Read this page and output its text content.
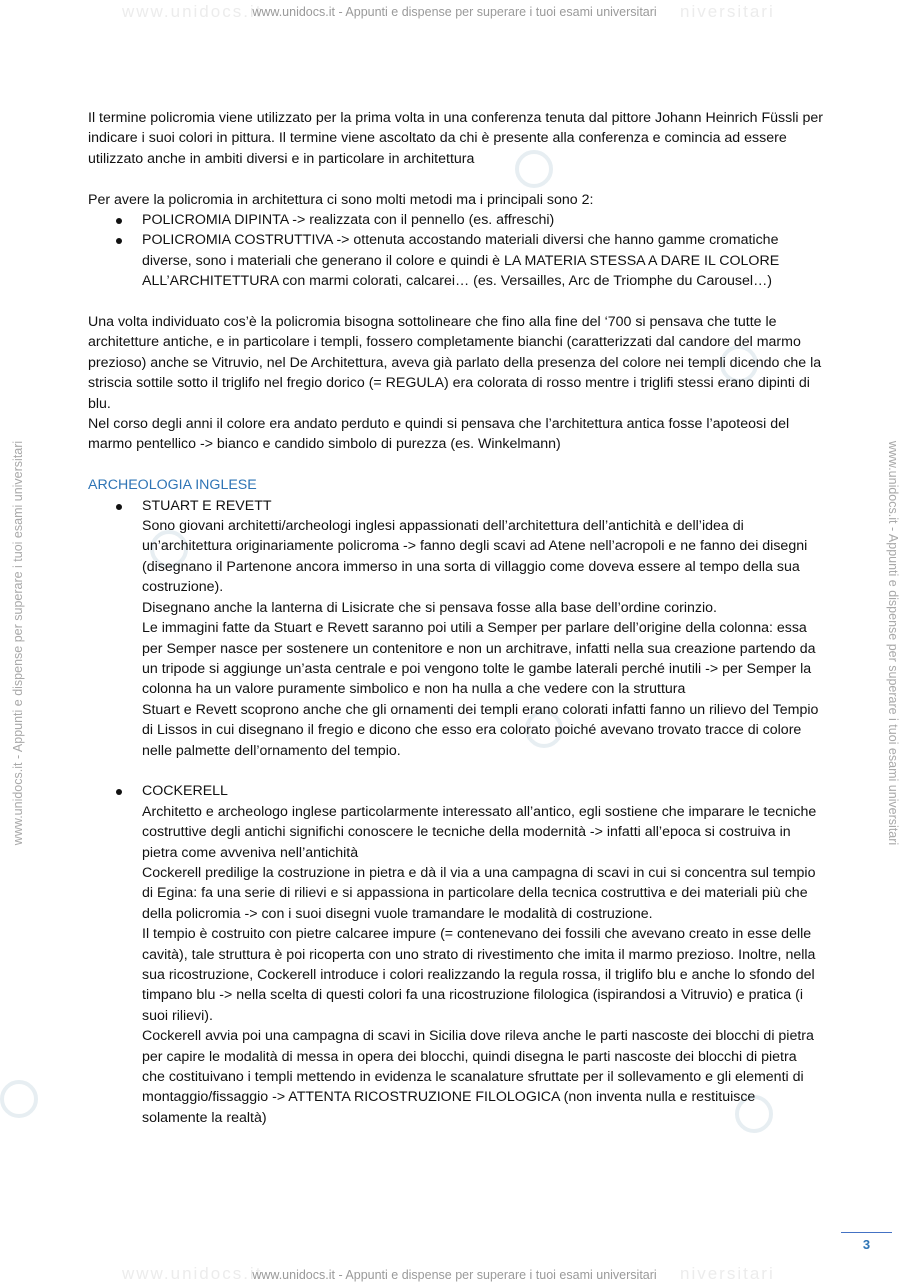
www.unidocs.it	niversitari
www.unidocs.it - Appunti e dispense per superare i tuoi esami universitari
www.unidocs.it	niversitari
www.unidocs.it - Appunti e dispense per superare i tuoi esami universitari
www.unidocs.it - Appunti e dispense per superare i tuoi esami universitari	www.unidocs.it - Appunti e dispense per superare i tuoi esami universitari

Il termine policromia viene utilizzato per la prima volta in una conferenza tenuta dal pittore Johann Heinrich Füssli per indicare i suoi colori in pittura. Il termine viene ascoltato da chi è presente alla conferenza e comincia ad essere utilizzato anche in ambiti diversi e in particolare in architettura

Per avere la policromia in architettura ci sono molti metodi ma i principali sono 2:

POLICROMIA DIPINTA -> realizzata con il pennello (es. affreschi)
POLICROMIA COSTRUTTIVA -> ottenuta accostando materiali diversi che hanno gamme cromatiche diverse, sono i materiali che generano il colore e quindi è LA MATERIA STESSA A DARE IL COLORE ALL’ARCHITETTURA con marmi colorati, calcarei… (es. Versailles, Arc de Triomphe du Carousel…)

Una volta individuato cos’è la policromia bisogna sottolineare che fino alla fine del ‘700 si pensava che tutte le architetture antiche, e in particolare i templi, fossero completamente bianchi (caratterizzati dal candore del marmo prezioso) anche se Vitruvio, nel De Architettura, aveva già parlato della presenza del colore nei templi dicendo che la striscia sottile sotto il triglifo nel fregio dorico (= REGULA) era colorata di rosso mentre i triglifi stessi erano dipinti di blu.

Nel corso degli anni il colore era andato perduto e quindi si pensava che l’architettura antica fosse l’apoteosi del marmo pentellico -> bianco e candido simbolo di purezza (es. Winkelmann)

ARCHEOLOGIA INGLESE

STUART E REVETT
Sono giovani architetti/archeologi inglesi appassionati dell’architettura dell’antichità e dell’idea di un’architettura originariamente policroma -> fanno degli scavi ad Atene nell’acropoli e ne fanno dei disegni (disegnano il Partenone ancora immerso in una sorta di villaggio come doveva essere al tempo della sua costruzione).
Disegnano anche la lanterna di Lisicrate che si pensava fosse alla base dell’ordine corinzio.
Le immagini fatte da Stuart e Revett saranno poi utili a Semper per parlare dell’origine della colonna: essa per Semper nasce per sostenere un contenitore e non un architrave, infatti nella sua creazione partendo da un tripode si aggiunge un’asta centrale e poi vengono tolte le gambe laterali perché inutili -> per Semper la colonna ha un valore puramente simbolico e non ha nulla a che vedere con la struttura
Stuart e Revett scoprono anche che gli ornamenti dei templi erano colorati infatti fanno un rilievo del Tempio di Lissos in cui disegnano il fregio e dicono che esso era colorato poiché avevano trovato tracce di colore nelle palmette dell’ornamento del tempio.
COCKERELL
Architetto e archeologo inglese particolarmente interessato all’antico, egli sostiene che imparare le tecniche costruttive degli antichi significhi conoscere le tecniche della modernità -> infatti all’epoca si costruiva in pietra come avveniva nell’antichità
Cockerell predilige la costruzione in pietra e dà il via a una campagna di scavi in cui si concentra sul tempio di Egina: fa una serie di rilievi e si appassiona in particolare della tecnica costruttiva e dei materiali più che della policromia -> con i suoi disegni vuole tramandare le modalità di costruzione.
Il tempio è costruito con pietre calcaree impure (= contenevano dei fossili che avevano creato in esse delle cavità), tale struttura è poi ricoperta con uno strato di rivestimento che imita il marmo prezioso. Inoltre, nella sua ricostruzione, Cockerell introduce i colori realizzando la regula rossa, il triglifo blu e anche lo sfondo del timpano blu -> nella scelta di questi colori fa una ricostruzione filologica (ispirandosi a Vitruvio) e pratica (i suoi rilievi).
Cockerell avvia poi una campagna di scavi in Sicilia dove rileva anche le parti nascoste dei blocchi di pietra per capire le modalità di messa in opera dei blocchi, quindi disegna le parti nascoste dei blocchi di pietra che costituivano i templi mettendo in evidenza le scanalature sfruttate per il sollevamento e gli elementi di montaggio/fissaggio -> ATTENTA RICOSTRUZIONE FILOLOGICA (non inventa nulla e restituisce solamente la realtà)
3
